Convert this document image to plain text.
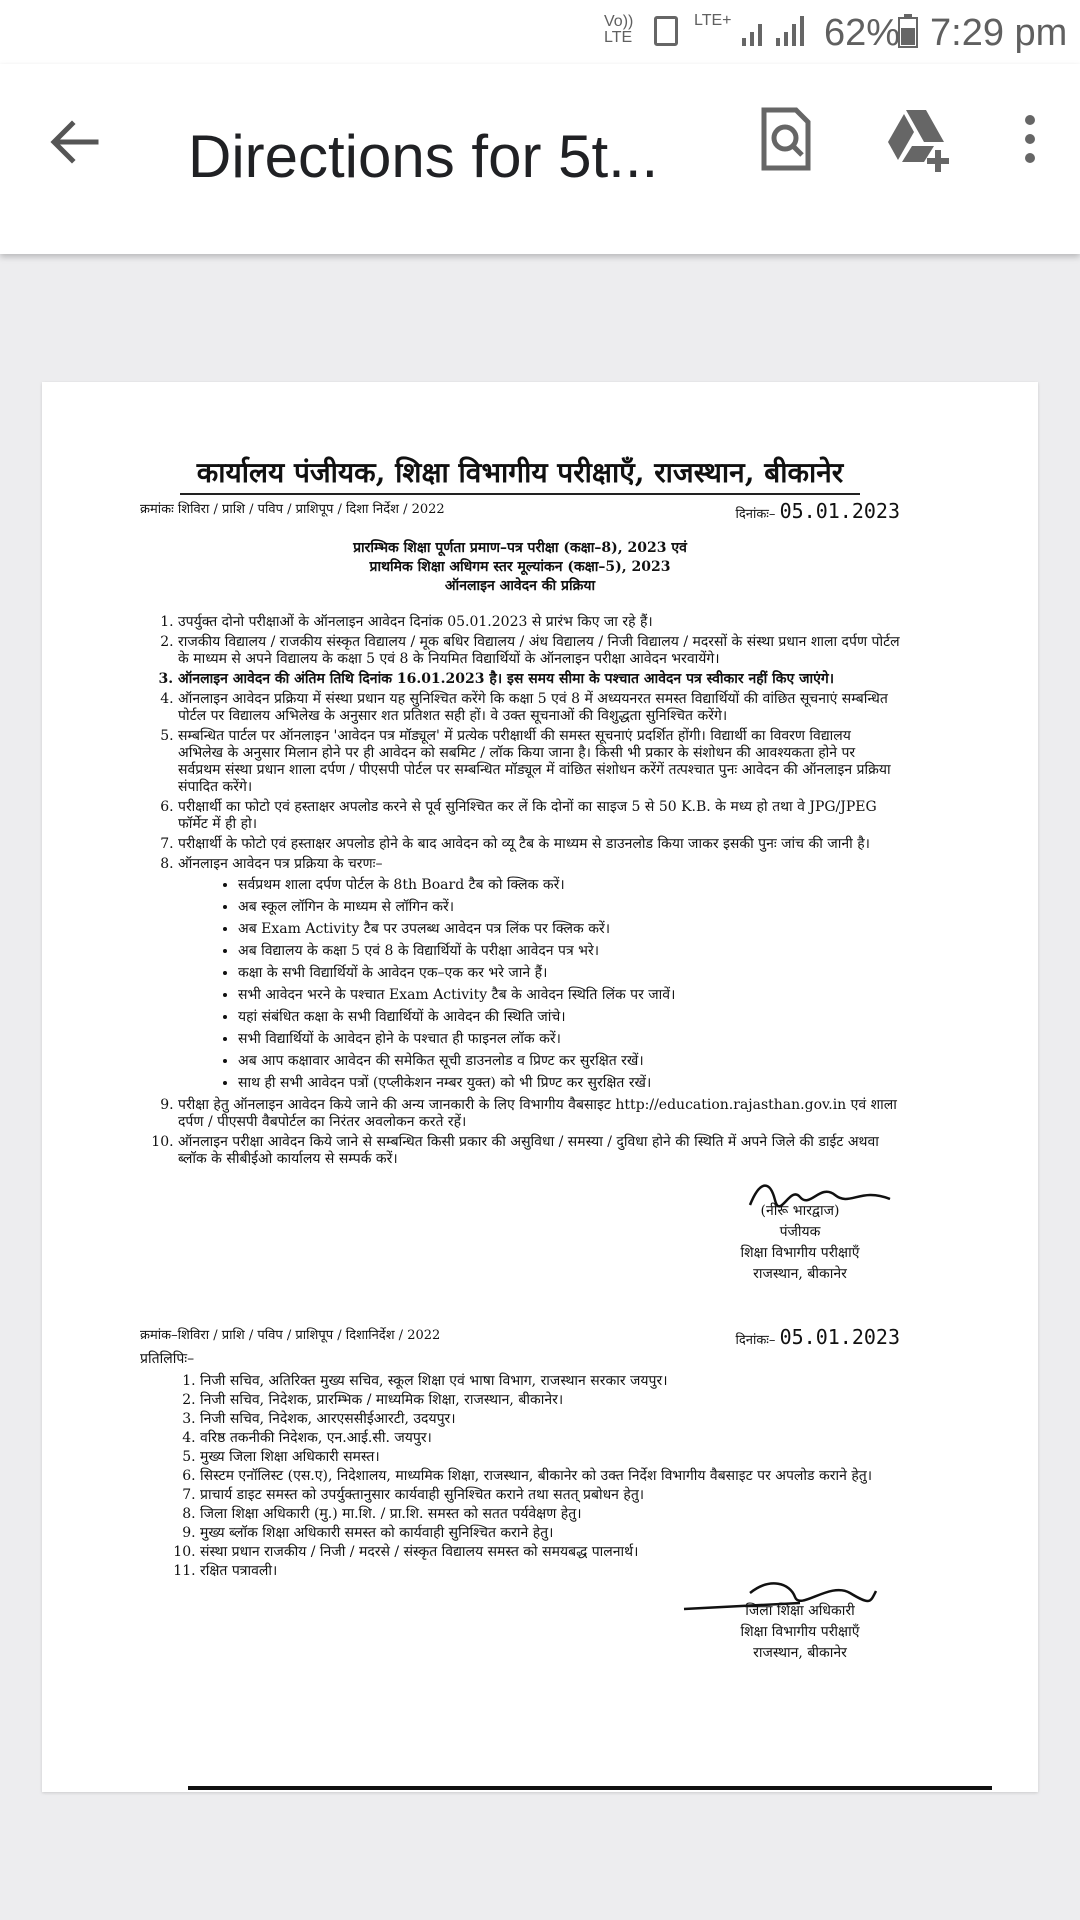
Vo)) LTE
LTE+ 62% 7:29 pm
Directions for 5t...
कार्यालय पंजीयक, शिक्षा विभागीय परीक्षाएँ, राजस्थान, बीकानेर
क्रमांकः शिविरा / प्राशि / पविप / प्राशिपूप / दिशा निर्देश / 2022	दिनांकः– 05.01.2023
प्रारम्भिक शिक्षा पूर्णता प्रमाण–पत्र परीक्षा (कक्षा–8), 2023 एवं
प्राथमिक शिक्षा अधिगम स्तर मूल्यांकन (कक्षा–5), 2023
ऑनलाइन आवेदन की प्रक्रिया
1. उपर्युक्त दोनो परीक्षाओं के ऑनलाइन आवेदन दिनांक 05.01.2023 से प्रारंभ किए जा रहे हैं।
2. राजकीय विद्यालय / राजकीय संस्कृत विद्यालय / मूक बधिर विद्यालय / अंध विद्यालय / निजी विद्यालय / मदरसों के संस्था प्रधान शाला दर्पण पोर्टल के माध्यम से अपने विद्यालय के कक्षा 5 एवं 8 के नियमित विद्यार्थियों के ऑनलाइन परीक्षा आवेदन भरवायेंगे।
3. ऑनलाइन आवेदन की अंतिम तिथि दिनांक 16.01.2023 है। इस समय सीमा के पश्चात आवेदन पत्र स्वीकार नहीं किए जाएंगे।
4. ऑनलाइन आवेदन प्रक्रिया में संस्था प्रधान यह सुनिश्चित करेंगे कि कक्षा 5 एवं 8 में अध्ययनरत समस्त विद्यार्थियों की वांछित सूचनाएं सम्बन्धित पोर्टल पर विद्यालय अभिलेख के अनुसार शत प्रतिशत सही हों। वे उक्त सूचनाओं की विशुद्धता सुनिश्चित करेंगे।
5. सम्बन्धित पार्टल पर ऑनलाइन 'आवेदन पत्र मॉड्यूल' में प्रत्येक परीक्षार्थी की समस्त सूचनाएं प्रदर्शित होंगी। विद्यार्थी का विवरण विद्यालय अभिलेख के अनुसार मिलान होने पर ही आवेदन को सबमिट / लॉक किया जाना है। किसी भी प्रकार के संशोधन की आवश्यकता होने पर सर्वप्रथम संस्था प्रधान शाला दर्पण / पीएसपी पोर्टल पर सम्बन्धित मॉड्यूल में वांछित संशोधन करेंगें तत्पश्चात पुनः आवेदन की ऑनलाइन प्रक्रिया संपादित करेंगे।
6. परीक्षार्थी का फोटो एवं हस्ताक्षर अपलोड करने से पूर्व सुनिश्चित कर लें कि दोनों का साइज 5 से 50 K.B. के मध्य हो तथा वे JPG/JPEG फॉर्मेट में ही हो।
7. परीक्षार्थी के फोटो एवं हस्ताक्षर अपलोड होने के बाद आवेदन को व्यू टैब के माध्यम से डाउनलोड किया जाकर इसकी पुनः जांच की जानी है।
8. ऑनलाइन आवेदन पत्र प्रक्रिया के चरणः–
• सर्वप्रथम शाला दर्पण पोर्टल के 8th Board टैब को क्लिक करें।
• अब स्कूल लॉगिन के माध्यम से लॉगिन करें।
• अब Exam Activity टैब पर उपलब्ध आवेदन पत्र लिंक पर क्लिक करें।
• अब विद्यालय के कक्षा 5 एवं 8 के विद्यार्थियों के परीक्षा आवेदन पत्र भरे।
• कक्षा के सभी विद्यार्थियों के आवेदन एक–एक कर भरे जाने हैं।
• सभी आवेदन भरने के पश्चात Exam Activity टैब के आवेदन स्थिति लिंक पर जावें।
• यहां संबंधित कक्षा के सभी विद्यार्थियों के आवेदन की स्थिति जांचे।
• सभी विद्यार्थियों के आवेदन होने के पश्चात ही फाइनल लॉक करें।
• अब आप कक्षावार आवेदन की समेकित सूची डाउनलोड व प्रिण्ट कर सुरक्षित रखें।
• साथ ही सभी आवेदन पत्रों (एप्लीकेशन नम्बर युक्त) को भी प्रिण्ट कर सुरक्षित रखें।
9. परीक्षा हेतु ऑनलाइन आवेदन किये जाने की अन्य जानकारी के लिए विभागीय वैबसाइट http://education.rajasthan.gov.in एवं शाला दर्पण / पीएसपी वैबपोर्टल का निरंतर अवलोकन करते रहें।
10. ऑनलाइन परीक्षा आवेदन किये जाने से सम्बन्धित किसी प्रकार की असुविधा / समस्या / दुविधा होने की स्थिति में अपने जिले की डाईट अथवा ब्लॉक के सीबीईओ कार्यालय से सम्पर्क करें।
(नीरू भारद्वाज)
पंजीयक
शिक्षा विभागीय परीक्षाएँ
राजस्थान, बीकानेर
क्रमांक–शिविरा / प्राशि / पविप / प्राशिपूप / दिशानिर्देश / 2022	दिनांकः– 05.01.2023
प्रतिलिपिः–
1. निजी सचिव, अतिरिक्त मुख्य सचिव, स्कूल शिक्षा एवं भाषा विभाग, राजस्थान सरकार जयपुर।
2. निजी सचिव, निदेशक, प्रारम्भिक / माध्यमिक शिक्षा, राजस्थान, बीकानेर।
3. निजी सचिव, निदेशक, आरएससीईआरटी, उदयपुर।
4. वरिष्ठ तकनीकी निदेशक, एन.आई.सी. जयपुर।
5. मुख्य जिला शिक्षा अधिकारी समस्त।
6. सिस्टम एनॉलिस्ट (एस.ए), निदेशालय, माध्यमिक शिक्षा, राजस्थान, बीकानेर को उक्त निर्देश विभागीय वैबसाइट पर अपलोड कराने हेतु।
7. प्राचार्य डाइट समस्त को उपर्युक्तानुसार कार्यवाही सुनिश्चित कराने तथा सतत् प्रबोधन हेतु।
8. जिला शिक्षा अधिकारी (मु.) मा.शि. / प्रा.शि. समस्त को सतत पर्यवेक्षण हेतु।
9. मुख्य ब्लॉक शिक्षा अधिकारी समस्त को कार्यवाही सुनिश्चित कराने हेतु।
10. संस्था प्रधान राजकीय / निजी / मदरसे / संस्कृत विद्यालय समस्त को समयबद्ध पालनार्थ।
11. रक्षित पत्रावली।
जिला शिक्षा अधिकारी
शिक्षा विभागीय परीक्षाएँ
राजस्थान, बीकानेर
